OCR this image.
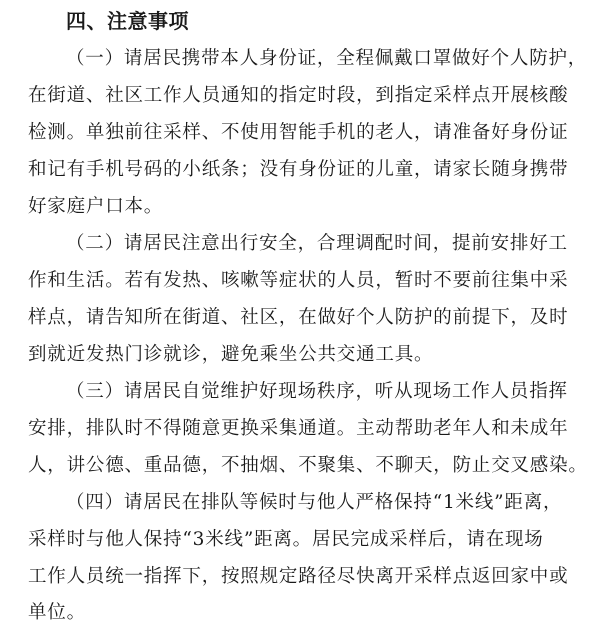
四、注意事项

（一）请居民携带本人身份证，全程佩戴口罩做好个人防护，

在街道、社区工作人员通知的指定时段，到指定采样点开展核酸

检测。单独前往采样、不使用智能手机的老人，请准备好身份证

和记有手机号码的小纸条；没有身份证的儿童，请家长随身携带

好家庭户口本。

（二）请居民注意出行安全，合理调配时间，提前安排好工

作和生活。若有发热、咳嗽等症状的人员，暂时不要前往集中采

样点，请告知所在街道、社区，在做好个人防护的前提下，及时

到就近发热门诊就诊，避免乘坐公共交通工具。

（三）请居民自觉维护好现场秩序，听从现场工作人员指挥

安排，排队时不得随意更换采集通道。主动帮助老年人和未成年

人，讲公德、重品德，不抽烟、不聚集、不聊天，防止交叉感染。

（四）请居民在排队等候时与他人严格保持“1米线”距离，

采样时与他人保持“3米线”距离。居民完成采样后，请在现场

工作人员统一指挥下，按照规定路径尽快离开采样点返回家中或

单位。
